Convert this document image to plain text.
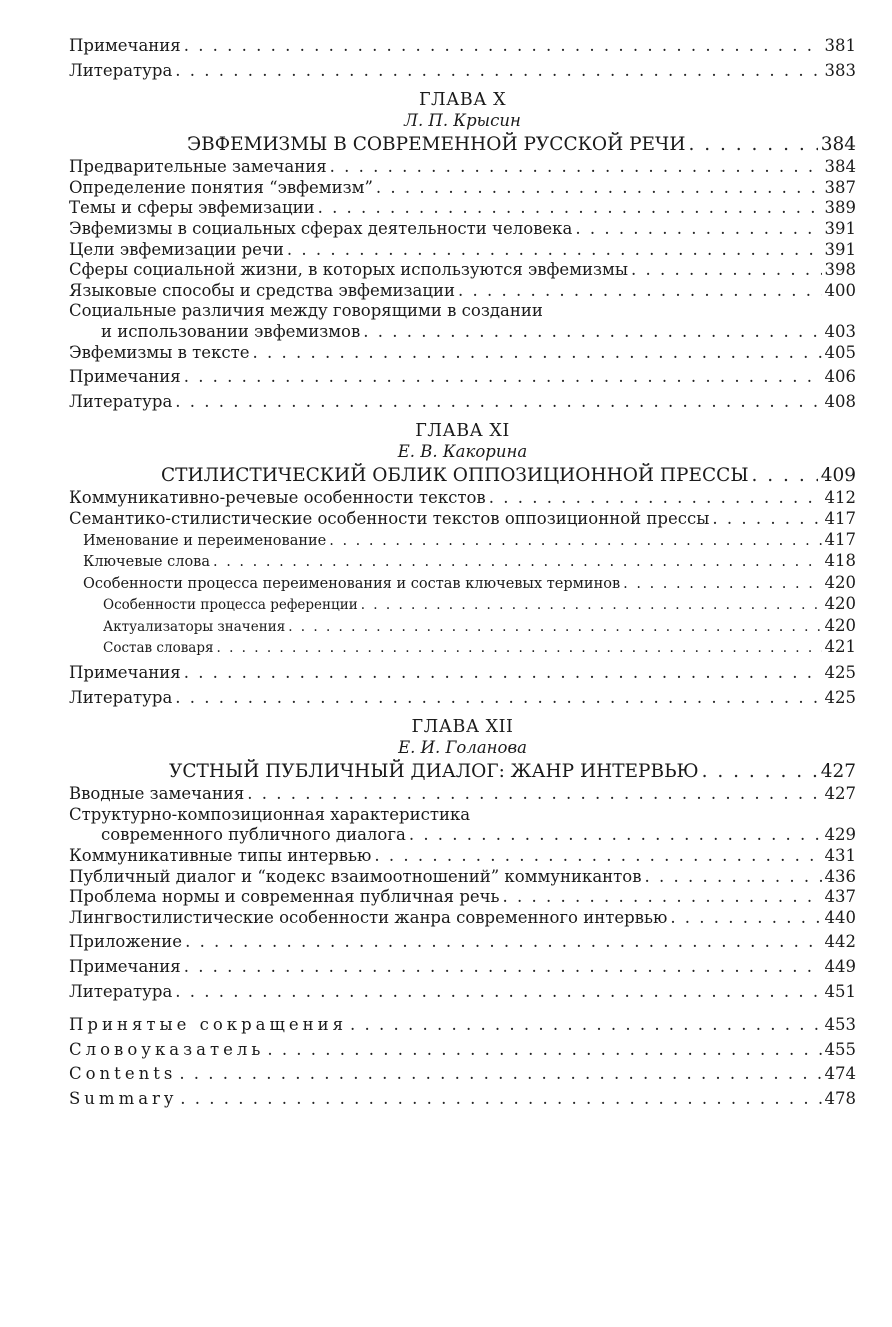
Примечания . . .	381
Литература . . .	383
ГЛАВА X
Л. П. Крысин
ЭВФЕМИЗМЫ В СОВРЕМЕННОЙ РУССКОЙ РЕЧИ . . .	384
Предварительные замечания . . .	384
Определение понятия “эвфемизм” . . .	387
Темы и сферы эвфемизации . . .	389
Эвфемизмы в социальных сферах деятельности человека . . .	391
Цели эвфемизации речи . . .	391
Сферы социальной жизни, в которых используются эвфемизмы . . .	398
Языковые способы и средства эвфемизации . . .	400
Социальные различия между говорящими в создании
и использовании эвфемизмов . . .	403
Эвфемизмы в тексте . . .	405
Примечания . . .	406
Литература . . .	408
ГЛАВА XI
Е. В. Какорина
СТИЛИСТИЧЕСКИЙ ОБЛИК ОППОЗИЦИОННОЙ ПРЕССЫ . . .	409
Коммуникативно-речевые особенности текстов . . .	412
Семантико-стилистические особенности текстов оппозиционной прессы . . .	417
Именование и переименование . . .	417
Ключевые слова . . .	418
Особенности процесса переименования и состав ключевых терминов . . .	420
Особенности процесса референции . . .	420
Актуализаторы значения . . .	420
Состав словаря . . .	421
Примечания . . .	425
Литература . . .	425
ГЛАВА XII
Е. И. Голанова
УСТНЫЙ ПУБЛИЧНЫЙ ДИАЛОГ: ЖАНР ИНТЕРВЬЮ . . .	427
Вводные замечания . . .	427
Структурно-композиционная характеристика
современного публичного диалога . . .	429
Коммуникативные типы интервью . . .	431
Публичный диалог и “кодекс взаимоотношений” коммуникантов . . .	436
Проблема нормы и современная публичная речь . . .	437
Лингвостилистические особенности жанра современного интервью . . .	440
Приложение . . .	442
Примечания . . .	449
Литература . . .	451
Принятые сокращения . . .	453
Словоуказатель . . .	455
Contents . . .	474
Summary . . .	478
